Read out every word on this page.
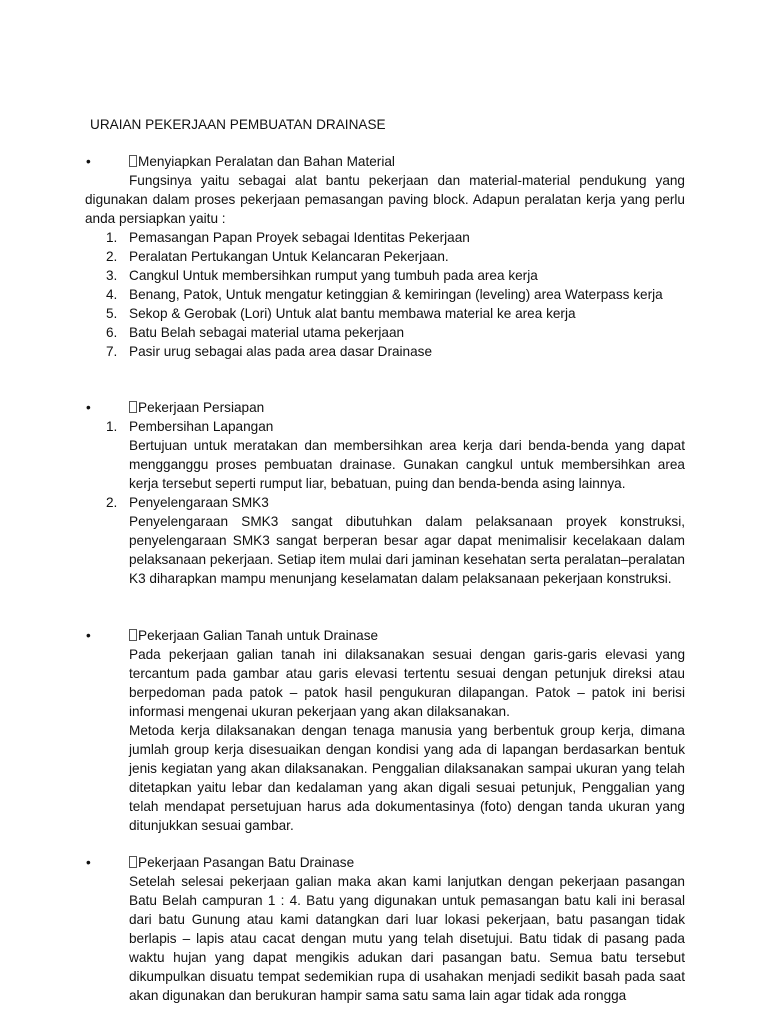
URAIAN PEKERJAAN PEMBUATAN DRAINASE
•	Menyiapkan Peralatan dan Bahan Material

Fungsinya yaitu sebagai alat bantu pekerjaan dan material-material pendukung yang digunakan dalam proses pekerjaan pemasangan paving block. Adapun peralatan kerja yang perlu anda persiapkan yaitu :

1. Pemasangan Papan Proyek sebagai Identitas Pekerjaan
2. Peralatan Pertukangan Untuk Kelancaran Pekerjaan.
3. Cangkul Untuk membersihkan rumput yang tumbuh pada area kerja
4. Benang, Patok, Untuk mengatur ketinggian & kemiringan (leveling) area Waterpass kerja
5. Sekop & Gerobak (Lori) Untuk alat bantu membawa material ke area kerja
6. Batu Belah sebagai material utama pekerjaan
7. Pasir urug sebagai alas pada area dasar Drainase
•	Pekerjaan Persiapan
1. Pembersihan Lapangan

Bertujuan untuk meratakan dan membersihkan area kerja dari benda-benda yang dapat mengganggu proses pembuatan drainase. Gunakan cangkul untuk membersihkan area kerja tersebut seperti rumput liar, bebatuan, puing dan benda-benda asing lainnya.

2. Penyelengaraan SMK3

Penyelengaraan SMK3 sangat dibutuhkan dalam pelaksanaan proyek konstruksi, penyelengaraan SMK3 sangat berperan besar agar dapat menimalisir kecelakaan dalam pelaksanaan pekerjaan. Setiap item mulai dari jaminan kesehatan serta peralatan–peralatan K3 diharapkan mampu menunjang keselamatan dalam pelaksanaan pekerjaan konstruksi.

•	Pekerjaan Galian Tanah untuk Drainase

Pada pekerjaan galian tanah ini dilaksanakan sesuai dengan garis-garis elevasi yang tercantum pada gambar atau garis elevasi tertentu sesuai dengan petunjuk direksi atau berpedoman pada patok – patok hasil pengukuran dilapangan. Patok – patok ini berisi informasi mengenai ukuran pekerjaan yang akan dilaksanakan.

Metoda kerja dilaksanakan dengan tenaga manusia yang berbentuk group kerja, dimana jumlah group kerja disesuaikan dengan kondisi yang ada di lapangan berdasarkan bentuk jenis kegiatan yang akan dilaksanakan. Penggalian dilaksanakan sampai ukuran yang telah ditetapkan yaitu lebar dan kedalaman yang akan digali sesuai petunjuk, Penggalian yang telah mendapat persetujuan harus ada dokumentasinya (foto) dengan tanda ukuran yang ditunjukkan sesuai gambar.

•	Pekerjaan Pasangan Batu Drainase

Setelah selesai pekerjaan galian maka akan kami lanjutkan dengan pekerjaan pasangan Batu Belah campuran 1 : 4. Batu yang digunakan untuk pemasangan batu kali ini berasal dari batu Gunung atau kami datangkan dari luar lokasi pekerjaan, batu pasangan tidak berlapis – lapis atau cacat dengan mutu yang telah disetujui. Batu tidak di pasang pada waktu hujan yang dapat mengikis adukan dari pasangan batu. Semua batu tersebut dikumpulkan disuatu tempat sedemikian rupa di usahakan menjadi sedikit basah pada saat akan digunakan dan berukuran hampir sama satu sama lain agar tidak ada rongga
